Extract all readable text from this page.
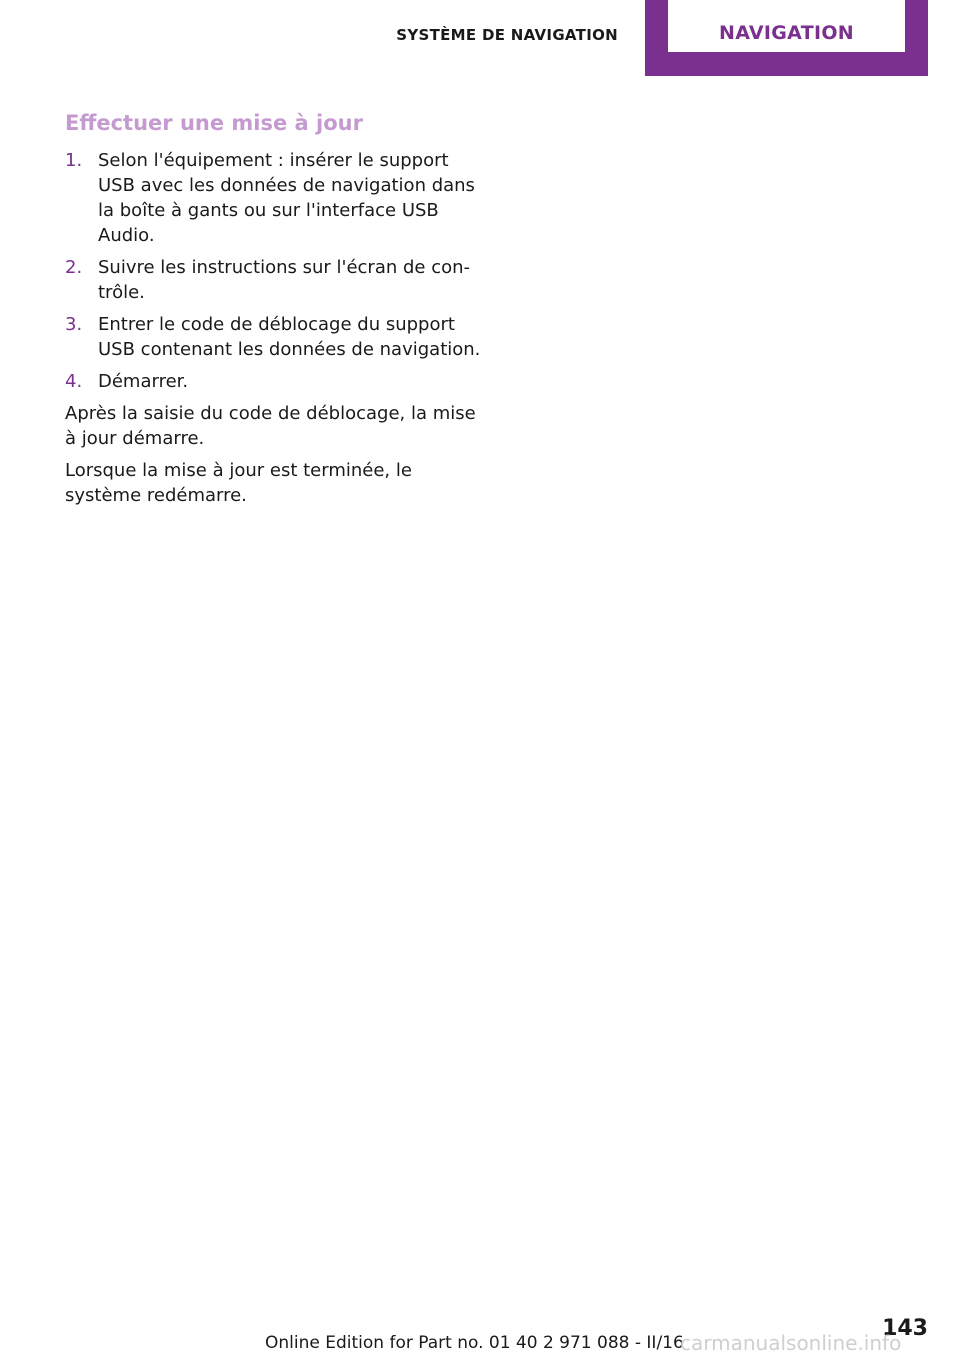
SYSTÈME DE NAVIGATION	NAVIGATION
Effectuer une mise à jour
1. Selon l'équipement : insérer le support USB avec les données de navigation dans la boîte à gants ou sur l'interface USB Audio.
2. Suivre les instructions sur l'écran de con-trôle.
3. Entrer le code de déblocage du support USB contenant les données de navigation.
4. Démarrer.

Après la saisie du code de déblocage, la mise à jour démarre.

Lorsque la mise à jour est terminée, le système redémarre.

143
Online Edition for Part no. 01 40 2 971 088 - II/16
carmanualsonline.info
